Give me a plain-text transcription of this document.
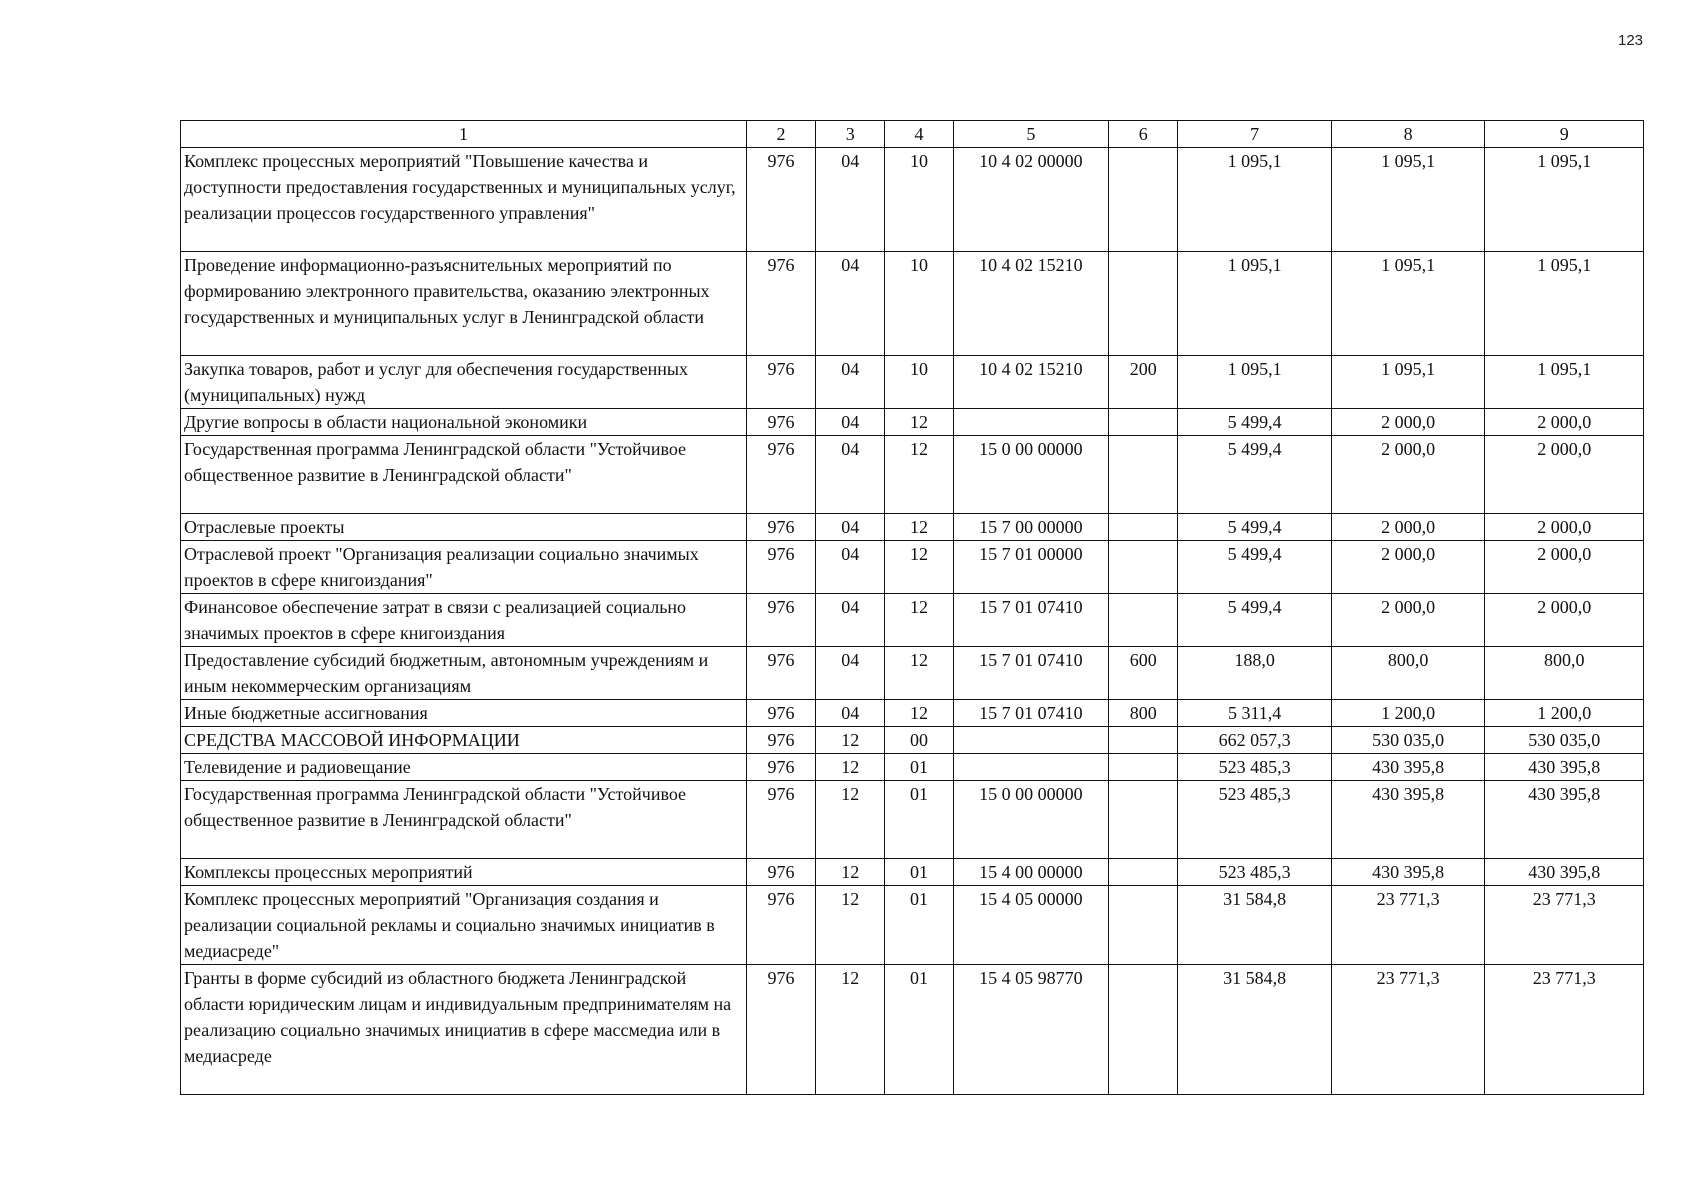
123
1	2	3	4	5	6	7	8	9
Комплекс процессных мероприятий "Повышение качества и доступности предоставления государственных и муниципальных услуг, реализации процессов государственного управления"	976	04	10	10 4 02 00000		1 095,1	1 095,1	1 095,1
Проведение информационно-разъяснительных мероприятий по формированию электронного правительства, оказанию электронных государственных и муниципальных услуг в Ленинградской области	976	04	10	10 4 02 15210		1 095,1	1 095,1	1 095,1
Закупка товаров, работ и услуг для обеспечения государственных (муниципальных) нужд	976	04	10	10 4 02 15210	200	1 095,1	1 095,1	1 095,1
Другие вопросы в области национальной экономики	976	04	12			5 499,4	2 000,0	2 000,0
Государственная программа Ленинградской области "Устойчивое общественное развитие в Ленинградской области"	976	04	12	15 0 00 00000		5 499,4	2 000,0	2 000,0
Отраслевые проекты	976	04	12	15 7 00 00000		5 499,4	2 000,0	2 000,0
Отраслевой проект "Организация реализации социально значимых проектов в сфере книгоиздания"	976	04	12	15 7 01 00000		5 499,4	2 000,0	2 000,0
Финансовое обеспечение затрат в связи с реализацией социально значимых проектов в сфере книгоиздания	976	04	12	15 7 01 07410		5 499,4	2 000,0	2 000,0
Предоставление субсидий бюджетным, автономным учреждениям и иным некоммерческим организациям	976	04	12	15 7 01 07410	600	188,0	800,0	800,0
Иные бюджетные ассигнования	976	04	12	15 7 01 07410	800	5 311,4	1 200,0	1 200,0
СРЕДСТВА МАССОВОЙ ИНФОРМАЦИИ	976	12	00			662 057,3	530 035,0	530 035,0
Телевидение и радиовещание	976	12	01			523 485,3	430 395,8	430 395,8
Государственная программа Ленинградской области "Устойчивое общественное развитие в Ленинградской области"	976	12	01	15 0 00 00000		523 485,3	430 395,8	430 395,8
Комплексы процессных мероприятий	976	12	01	15 4 00 00000		523 485,3	430 395,8	430 395,8
Комплекс процессных мероприятий "Организация создания и реализации социальной рекламы и социально значимых инициатив в медиасреде"	976	12	01	15 4 05 00000		31 584,8	23 771,3	23 771,3
Гранты в форме субсидий из областного бюджета Ленинградской области юридическим лицам и индивидуальным предпринимателям на реализацию социально значимых инициатив в сфере массмедиа или в медиасреде	976	12	01	15 4 05 98770		31 584,8	23 771,3	23 771,3
